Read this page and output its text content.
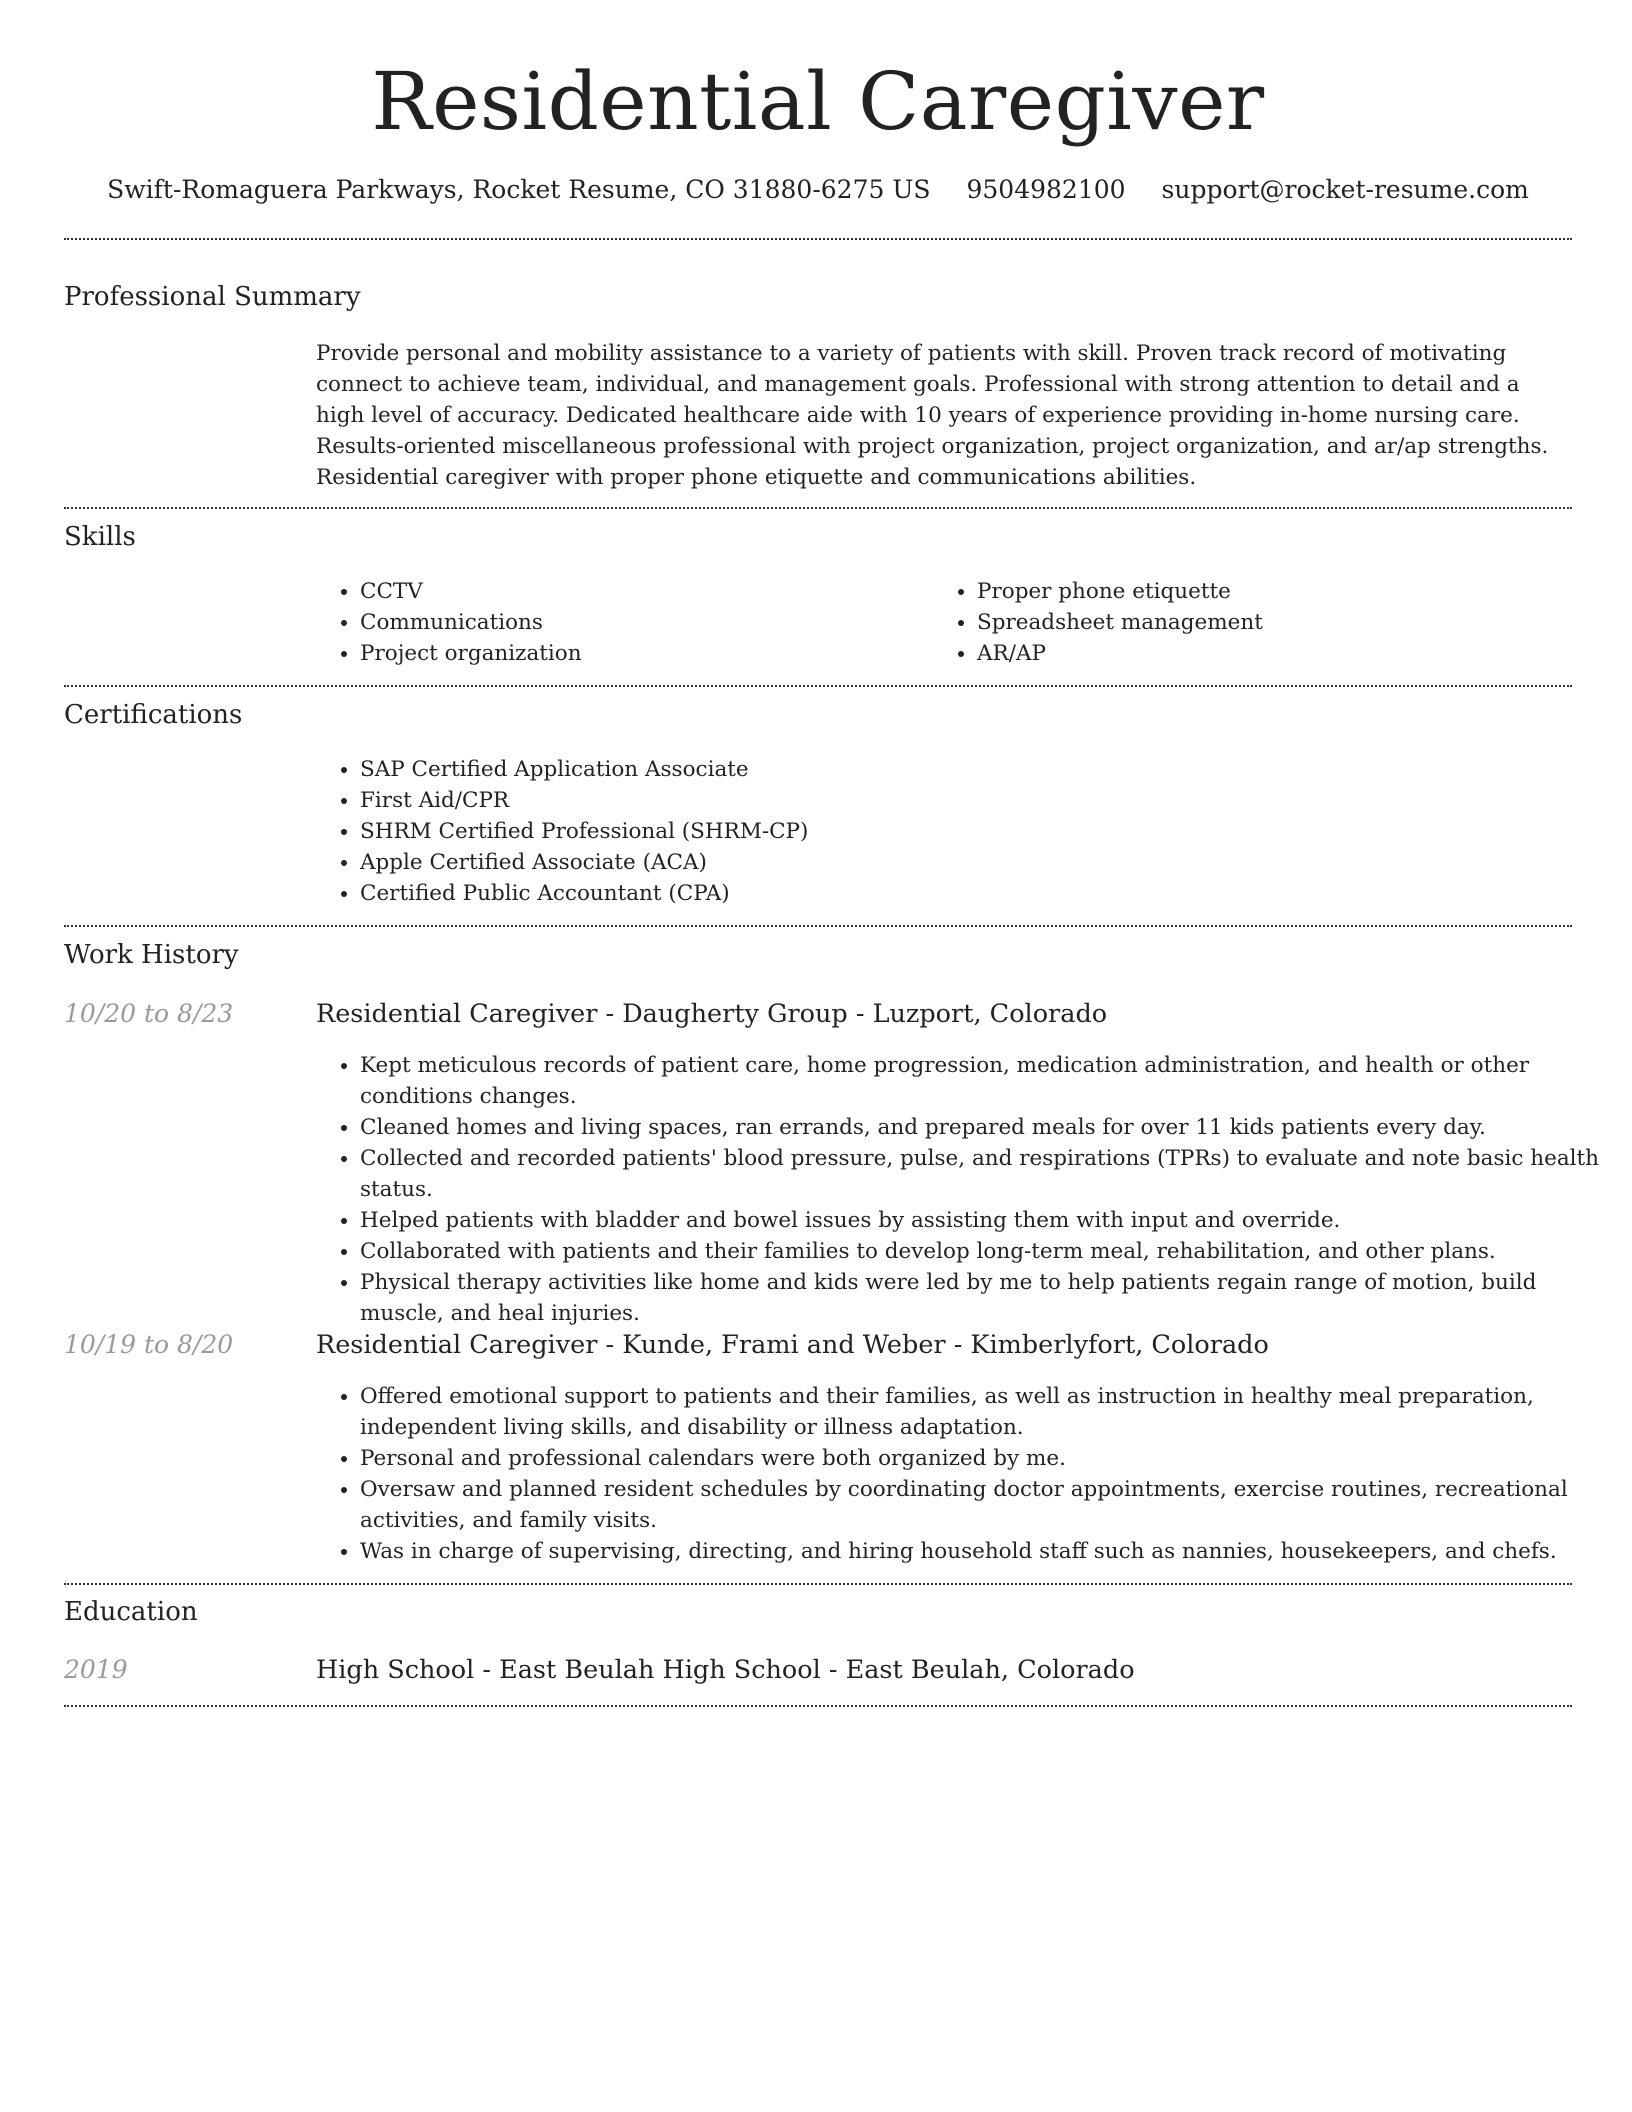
Residential Caregiver
Swift-Romaguera Parkways, Rocket Resume, CO 31880-6275 US 9504982100 support@rocket-resume.com
Professional Summary

Provide personal and mobility assistance to a variety of patients with skill. Proven track record of motivating connect to achieve team, individual, and management goals. Professional with strong attention to detail and a high level of accuracy. Dedicated healthcare aide with 10 years of experience providing in-home nursing care. Results-oriented miscellaneous professional with project organization, project organization, and ar/ap strengths. Residential caregiver with proper phone etiquette and communications abilities.

Skills
• CCTV
• Communications
• Project organization
• Proper phone etiquette
• Spreadsheet management
• AR/AP
Certifications
• SAP Certified Application Associate
• First Aid/CPR
• SHRM Certified Professional (SHRM-CP)
• Apple Certified Associate (ACA)
• Certified Public Accountant (CPA)
Work History
10/20 to 8/23	Residential Caregiver - Daugherty Group - Luzport, Colorado
• Kept meticulous records of patient care, home progression, medication administration, and health or other conditions changes.
• Cleaned homes and living spaces, ran errands, and prepared meals for over 11 kids patients every day.
• Collected and recorded patients' blood pressure, pulse, and respirations (TPRs) to evaluate and note basic health status.
• Helped patients with bladder and bowel issues by assisting them with input and override.
• Collaborated with patients and their families to develop long-term meal, rehabilitation, and other plans.
• Physical therapy activities like home and kids were led by me to help patients regain range of motion, build muscle, and heal injuries.
10/19 to 8/20	Residential Caregiver - Kunde, Frami and Weber - Kimberlyfort, Colorado
• Offered emotional support to patients and their families, as well as instruction in healthy meal preparation, independent living skills, and disability or illness adaptation.
• Personal and professional calendars were both organized by me.
• Oversaw and planned resident schedules by coordinating doctor appointments, exercise routines, recreational activities, and family visits.
• Was in charge of supervising, directing, and hiring household staff such as nannies, housekeepers, and chefs.
Education
2019	High School - East Beulah High School - East Beulah, Colorado
